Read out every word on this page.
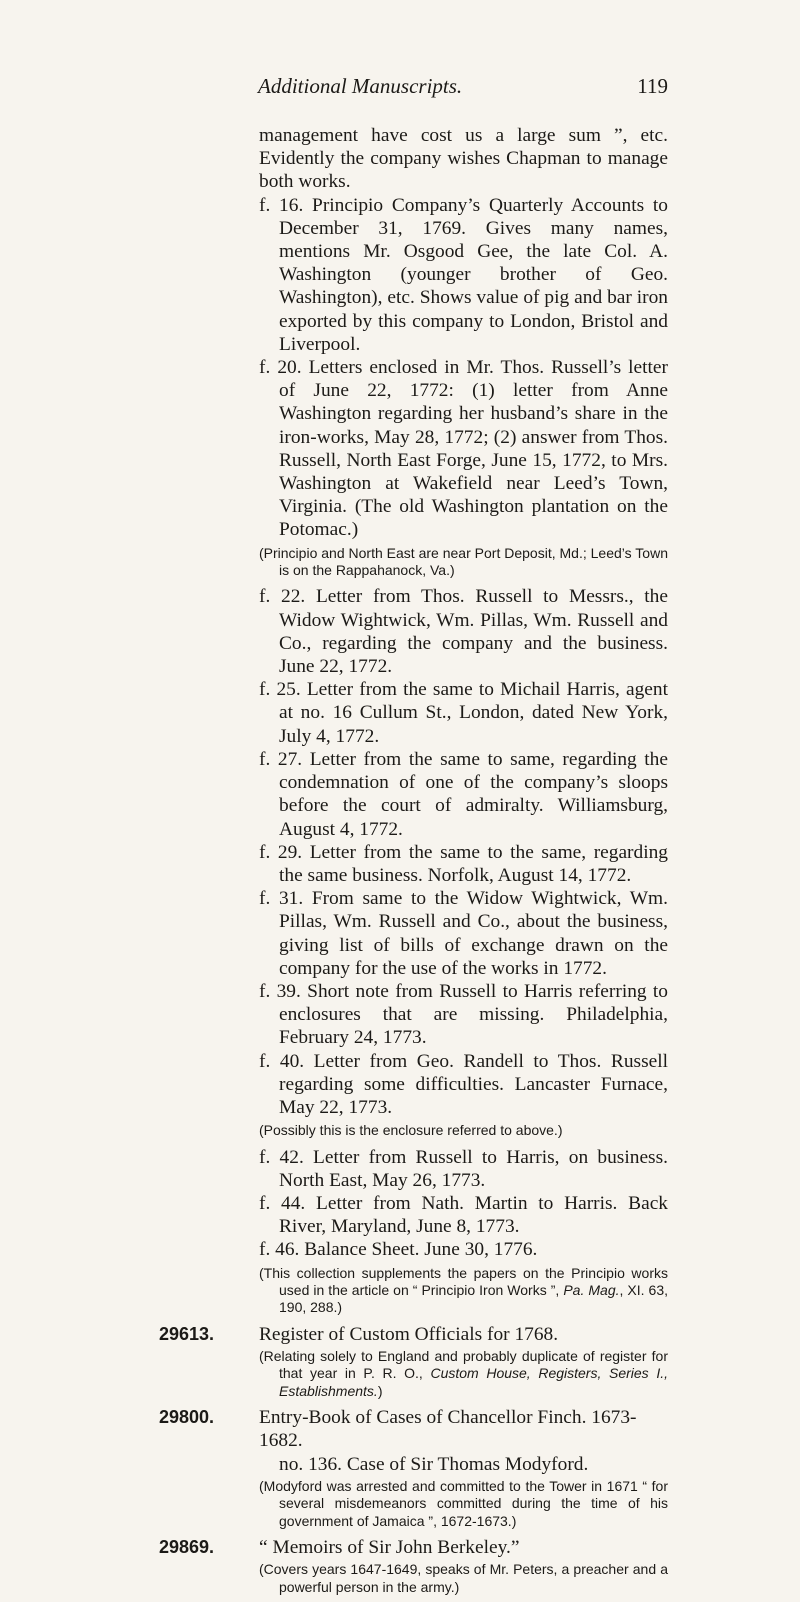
Additional Manuscripts.	119

management have cost us a large sum ”, etc. Evidently the company wishes Chapman to manage both works.

f. 16. Principio Company’s Quarterly Accounts to December 31, 1769. Gives many names, mentions Mr. Osgood Gee, the late Col. A. Washington (younger brother of Geo. Washington), etc. Shows value of pig and bar iron exported by this company to London, Bristol and Liverpool.

f. 20. Letters enclosed in Mr. Thos. Russell’s letter of June 22, 1772: (1) letter from Anne Washington regarding her husband’s share in the iron-works, May 28, 1772; (2) answer from Thos. Russell, North East Forge, June 15, 1772, to Mrs. Washington at Wakefield near Leed’s Town, Virginia. (The old Washington plantation on the Potomac.)

(Principio and North East are near Port Deposit, Md.; Leed’s Town is on the Rappahanock, Va.)

f. 22. Letter from Thos. Russell to Messrs., the Widow Wightwick, Wm. Pillas, Wm. Russell and Co., regarding the company and the business. June 22, 1772.

f. 25. Letter from the same to Michail Harris, agent at no. 16 Cullum St., London, dated New York, July 4, 1772.

f. 27. Letter from the same to same, regarding the condemnation of one of the company’s sloops before the court of admiralty. Williamsburg, August 4, 1772.

f. 29. Letter from the same to the same, regarding the same business. Norfolk, August 14, 1772.

f. 31. From same to the Widow Wightwick, Wm. Pillas, Wm. Russell and Co., about the business, giving list of bills of exchange drawn on the company for the use of the works in 1772.

f. 39. Short note from Russell to Harris referring to enclosures that are missing. Philadelphia, February 24, 1773.

f. 40. Letter from Geo. Randell to Thos. Russell regarding some difficulties. Lancaster Furnace, May 22, 1773.

(Possibly this is the enclosure referred to above.)

f. 42. Letter from Russell to Harris, on business. North East, May 26, 1773.

f. 44. Letter from Nath. Martin to Harris. Back River, Maryland, June 8, 1773.

f. 46. Balance Sheet. June 30, 1776.

(This collection supplements the papers on the Principio works used in the article on “ Principio Iron Works ”, Pa. Mag., XI. 63, 190, 288.)

29613. Register of Custom Officials for 1768.

(Relating solely to England and probably duplicate of register for that year in P. R. O., Custom House, Registers, Series I., Establishments.)

29800. Entry-Book of Cases of Chancellor Finch. 1673-1682.

no. 136. Case of Sir Thomas Modyford.

(Modyford was arrested and committed to the Tower in 1671 “ for several misdemeanors committed during the time of his government of Jamaica ”, 1672-1673.)

29869. “ Memoirs of Sir John Berkeley.”

(Covers years 1647-1649, speaks of Mr. Peters, a preacher and a powerful person in the army.)
